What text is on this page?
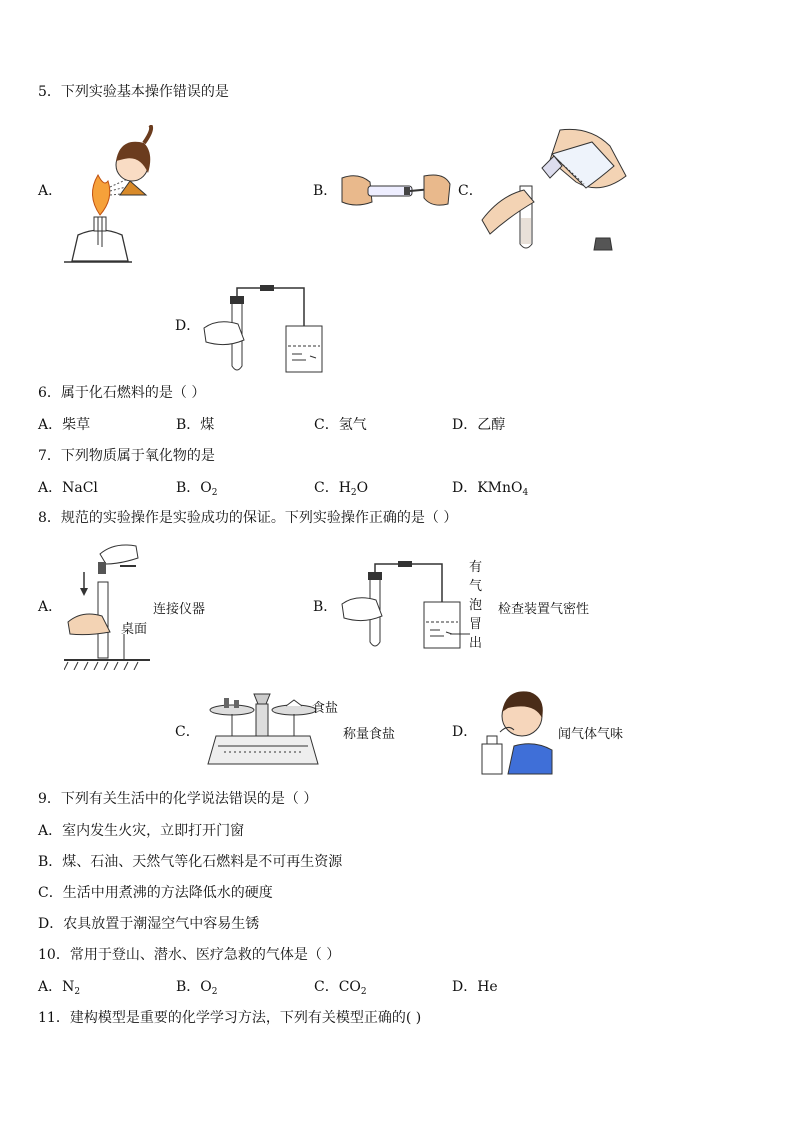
5．下列实验基本操作错误的是
A．	B．	C．
D．
6．属于化石燃料的是（ ）
A．柴草	B．煤	C．氢气	D．乙醇
7．下列物质属于氧化物的是
A．NaCl	B．$O_2$	C．$H_2O$	D．KMnO$_4$
8．规范的实验操作是实验成功的保证。下列实验操作正确的是（ ）
A．	连接仪器
桌面
B．
有
气
泡
冒
出
检查装置气密性
C．
食盐
称量食盐	D．	闻气体气味
9．下列有关生活中的化学说法错误的是（ ）
A．室内发生火灾，立即打开门窗
B．煤、石油、天然气等化石燃料是不可再生资源
C．生活中用煮沸的方法降低水的硬度
D．农具放置于潮湿空气中容易生锈
10．常用于登山、潜水、医疗急救的气体是（ ）
A．$N_2$	B．$O_2$	C．$CO_2$	D．He
11．建构模型是重要的化学学习方法，下列有关模型正确的( )
